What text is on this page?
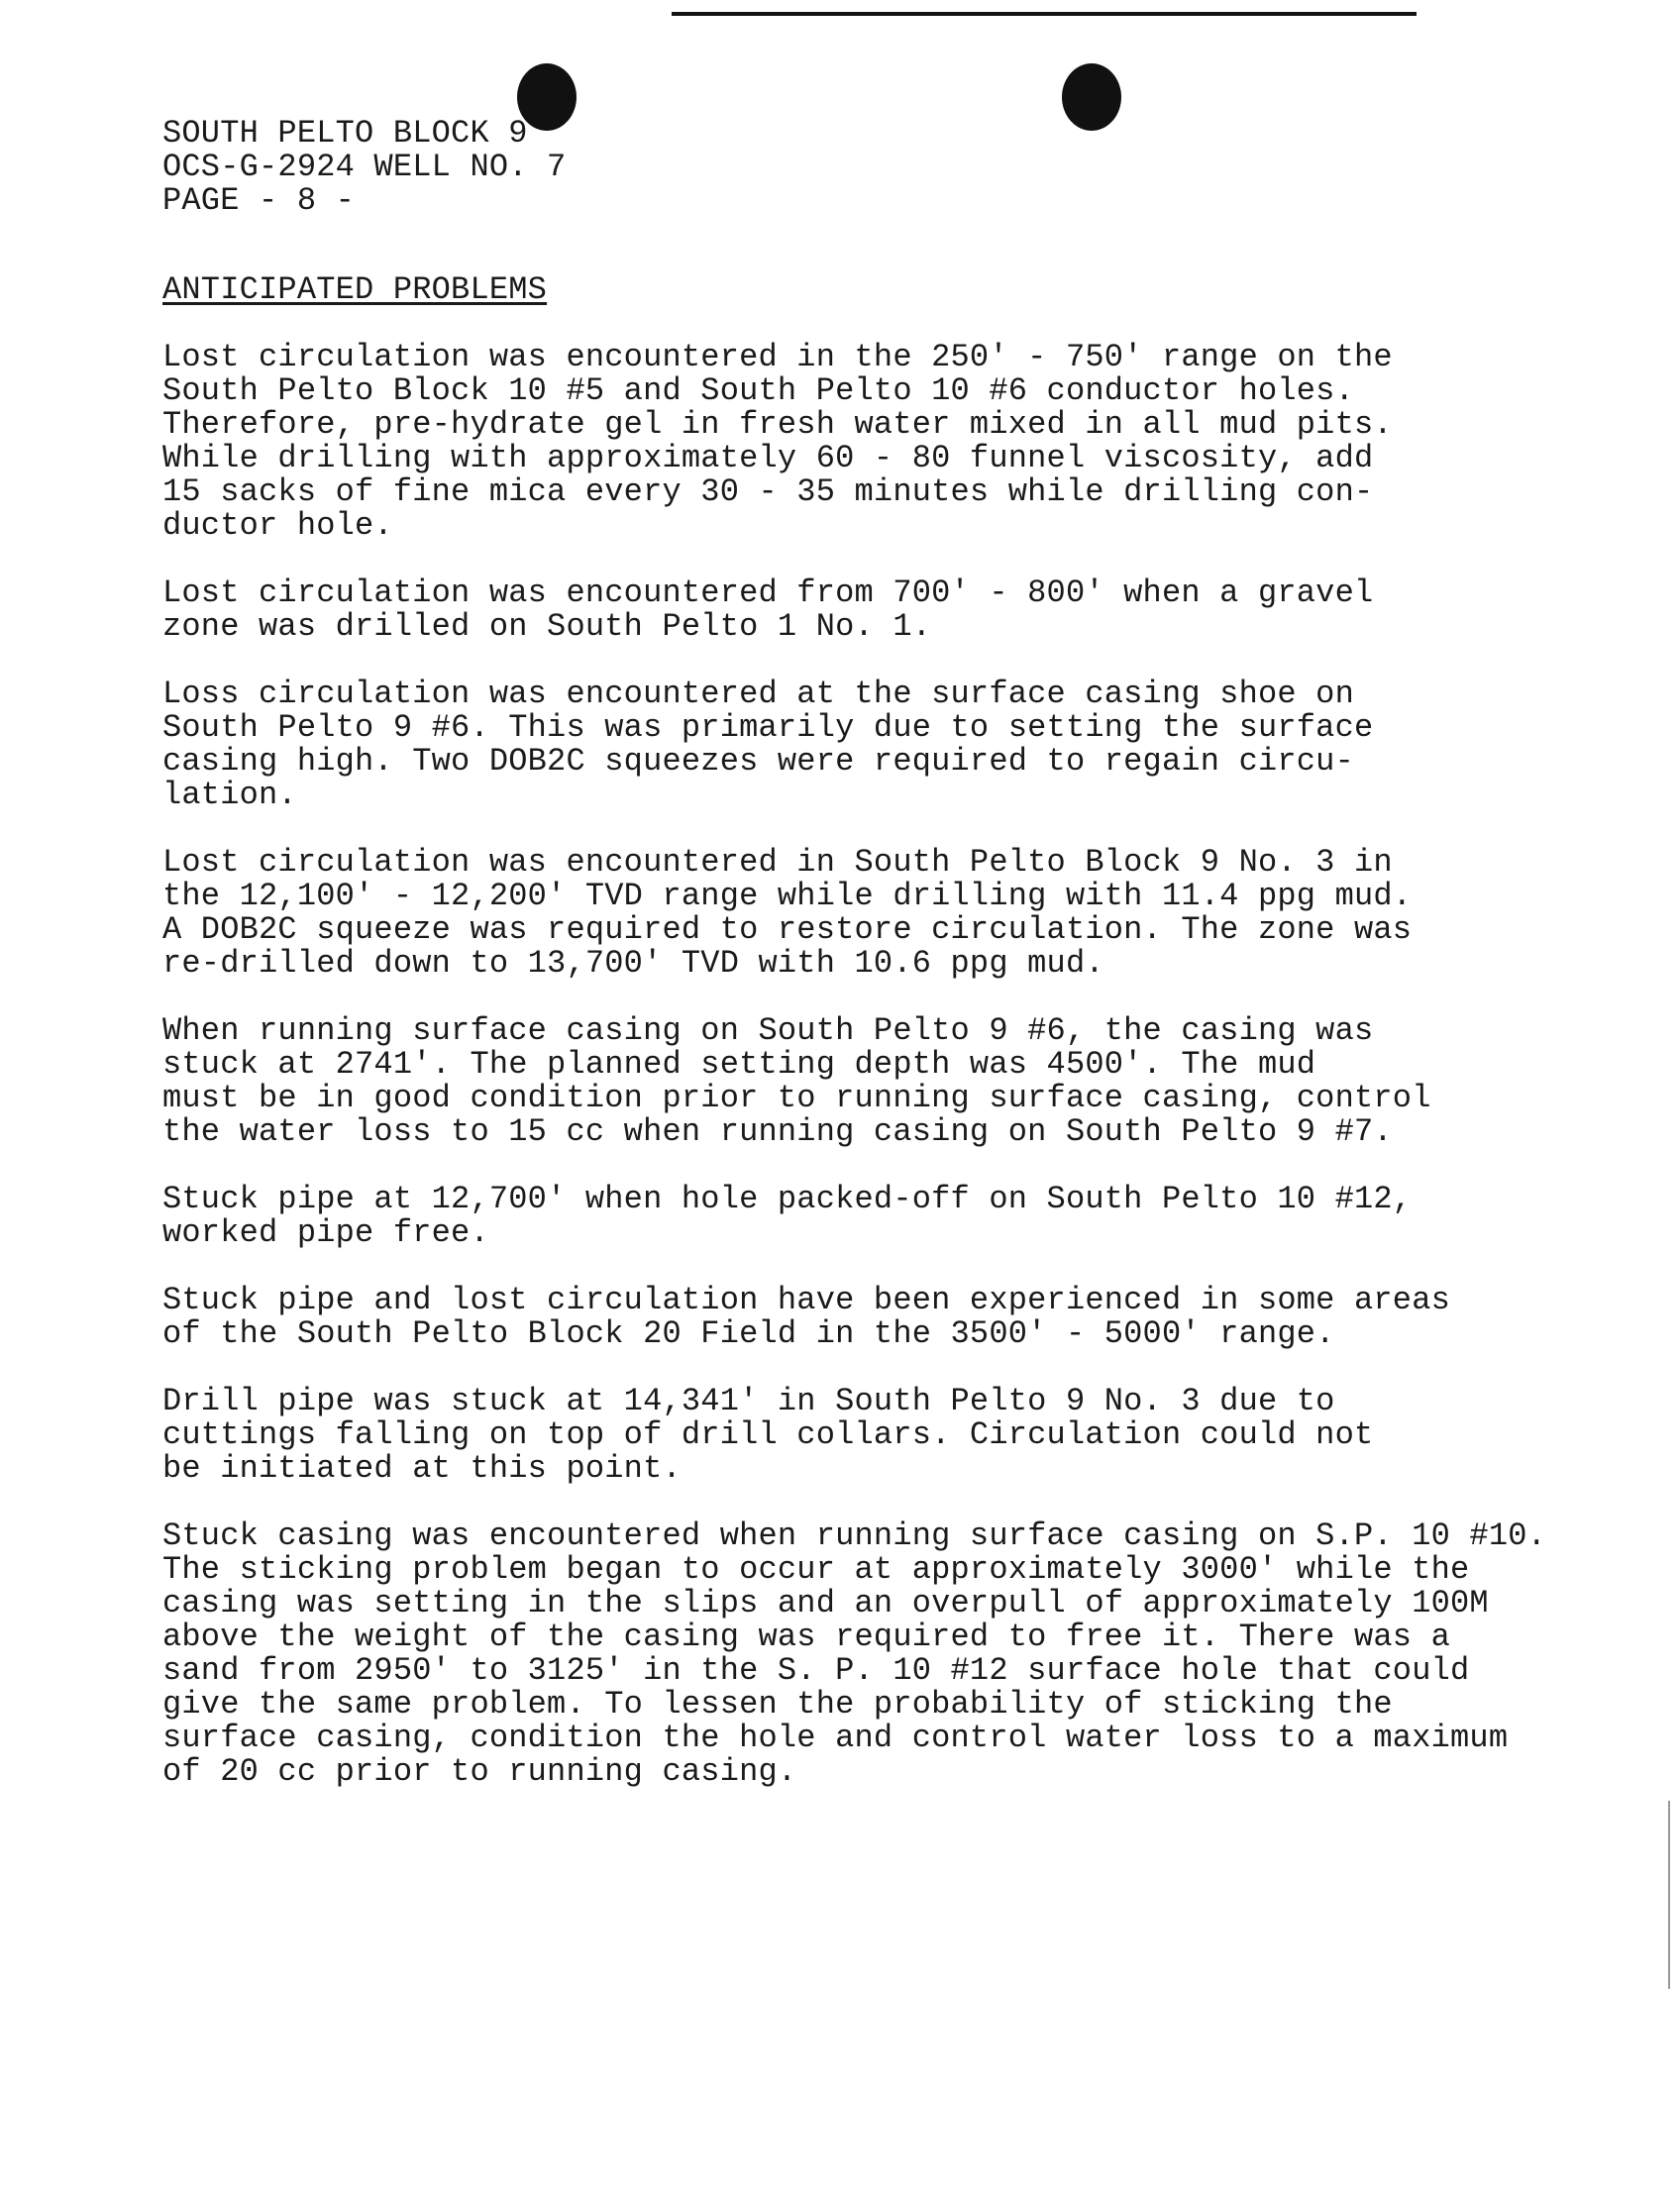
SOUTH PELTO BLOCK 9
OCS-G-2924 WELL NO. 7
PAGE - 8 -
ANTICIPATED PROBLEMS

Lost circulation was encountered in the 250' - 750' range on the
South Pelto Block 10 #5 and South Pelto 10 #6 conductor holes.
Therefore, pre-hydrate gel in fresh water mixed in all mud pits.
While drilling with approximately 60 - 80 funnel viscosity, add
15 sacks of fine mica every 30 - 35 minutes while drilling con-
ductor hole.

Lost circulation was encountered from 700' - 800' when a gravel
zone was drilled on South Pelto 1 No. 1.

Loss circulation was encountered at the surface casing shoe on
South Pelto 9 #6. This was primarily due to setting the surface
casing high. Two DOB2C squeezes were required to regain circu-
lation.

Lost circulation was encountered in South Pelto Block 9 No. 3 in
the 12,100' - 12,200' TVD range while drilling with 11.4 ppg mud.
A DOB2C squeeze was required to restore circulation. The zone was
re-drilled down to 13,700' TVD with 10.6 ppg mud.

When running surface casing on South Pelto 9 #6, the casing was
stuck at 2741'. The planned setting depth was 4500'. The mud
must be in good condition prior to running surface casing, control
the water loss to 15 cc when running casing on South Pelto 9 #7.

Stuck pipe at 12,700' when hole packed-off on South Pelto 10 #12,
worked pipe free.

Stuck pipe and lost circulation have been experienced in some areas
of the South Pelto Block 20 Field in the 3500' - 5000' range.

Drill pipe was stuck at 14,341' in South Pelto 9 No. 3 due to
cuttings falling on top of drill collars. Circulation could not
be initiated at this point.

Stuck casing was encountered when running surface casing on S.P. 10 #10.
The sticking problem began to occur at approximately 3000' while the
casing was setting in the slips and an overpull of approximately 100M
above the weight of the casing was required to free it. There was a
sand from 2950' to 3125' in the S. P. 10 #12 surface hole that could
give the same problem. To lessen the probability of sticking the
surface casing, condition the hole and control water loss to a maximum
of 20 cc prior to running casing.
